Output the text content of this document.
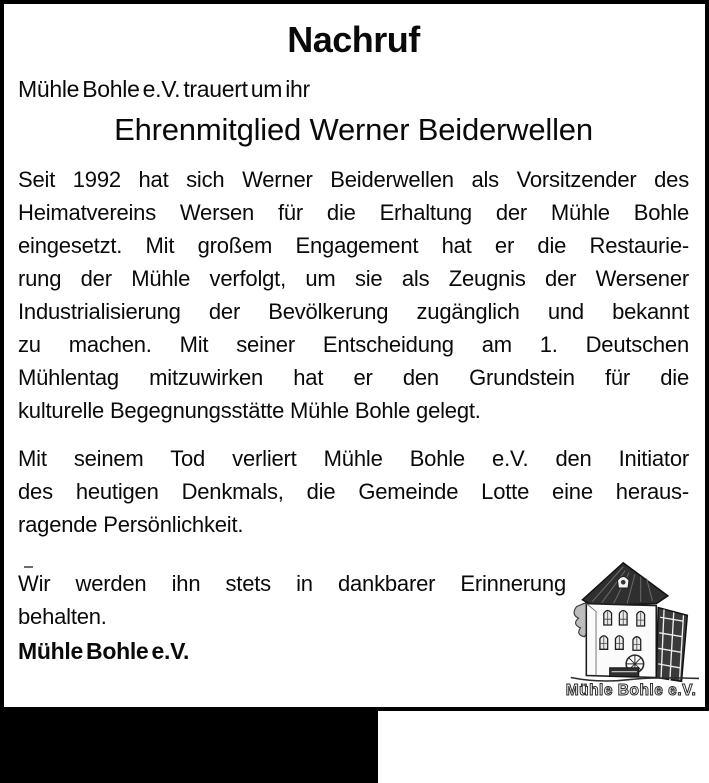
Nachruf
Mühle Bohle e.V. trauert um ihr
Ehrenmitglied Werner Beiderwellen
Seit 1992 hat sich Werner Beiderwellen als Vorsitzender des
Heimatvereins Wersen für die Erhaltung der Mühle Bohle
eingesetzt. Mit großem Engagement hat er die Restaurie-
rung der Mühle verfolgt, um sie als Zeugnis der Wersener
Industrialisierung der Bevölkerung zugänglich und bekannt
zu machen. Mit seiner Entscheidung am 1. Deutschen
Mühlentag mitzuwirken hat er den Grundstein für die
kulturelle Begegnungsstätte Mühle Bohle gelegt.
Mit seinem Tod verliert Mühle Bohle e.V. den Initiator
des heutigen Denkmals, die Gemeinde Lotte eine heraus-
ragende Persönlichkeit.
Wir werden ihn stets in dankbarer Erinnerung
behalten.
Mühle Bohle e.V.
Mühle Bohle e.V.
